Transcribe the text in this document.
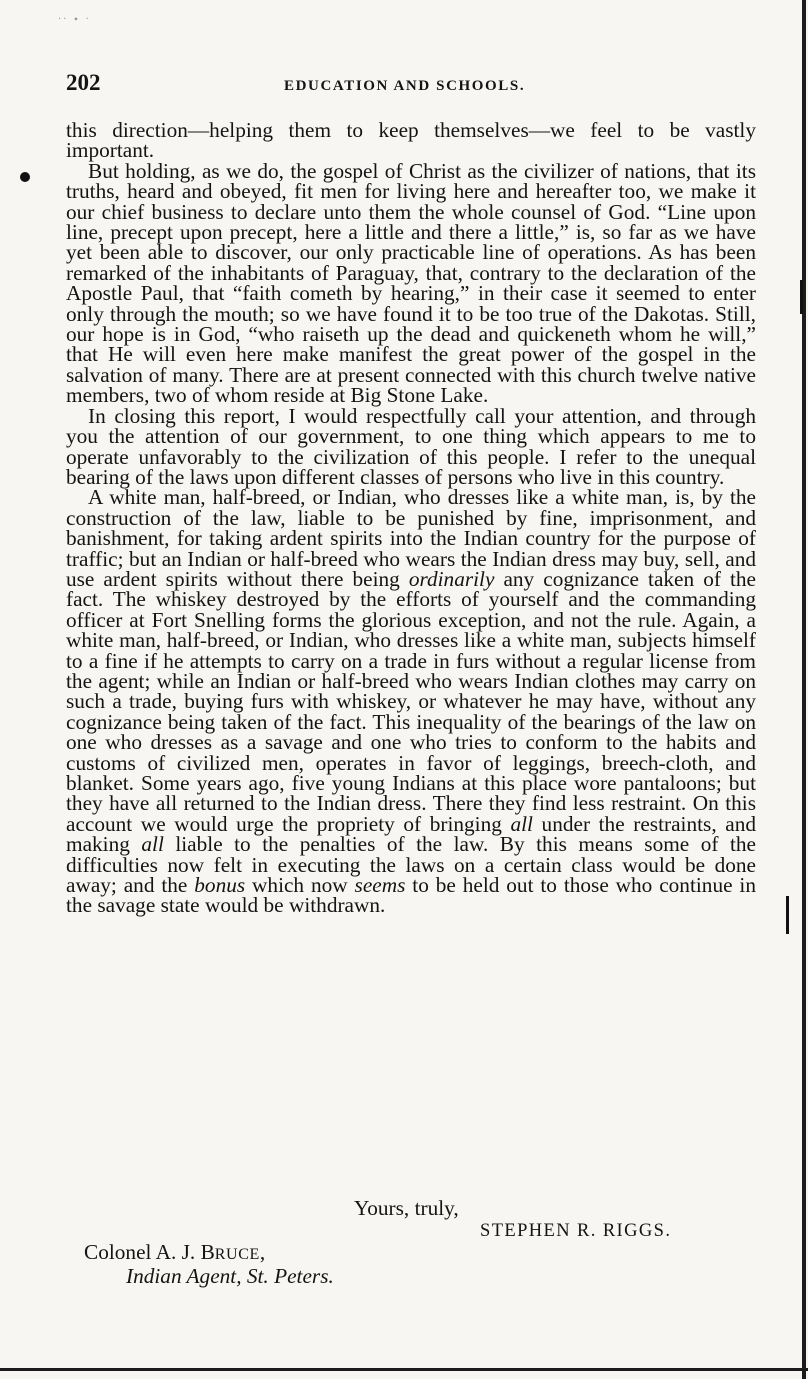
·· ∙ ·
202	EDUCATION AND SCHOOLS.

this direction—helping them to keep themselves—we feel to be vastly important.

But holding, as we do, the gospel of Christ as the civilizer of nations, that its truths, heard and obeyed, fit men for living here and hereafter too, we make it our chief business to declare unto them the whole counsel of God. “Line upon line, precept upon precept, here a little and there a little,” is, so far as we have yet been able to discover, our only practicable line of operations. As has been remarked of the inhabitants of Paraguay, that, contrary to the declaration of the Apostle Paul, that “faith cometh by hearing,” in their case it seemed to enter only through the mouth; so we have found it to be too true of the Dakotas. Still, our hope is in God, “who raiseth up the dead and quickeneth whom he will,” that He will even here make manifest the great power of the gospel in the salvation of many. There are at present connected with this church twelve native members, two of whom reside at Big Stone Lake.

In closing this report, I would respectfully call your attention, and through you the attention of our government, to one thing which appears to me to operate unfavorably to the civilization of this people. I refer to the unequal bearing of the laws upon different classes of persons who live in this country.

A white man, half-breed, or Indian, who dresses like a white man, is, by the construction of the law, liable to be punished by fine, imprisonment, and banishment, for taking ardent spirits into the Indian country for the purpose of traffic; but an Indian or half-breed who wears the Indian dress may buy, sell, and use ardent spirits without there being ordinarily any cognizance taken of the fact. The whiskey destroyed by the efforts of yourself and the commanding officer at Fort Snelling forms the glorious exception, and not the rule. Again, a white man, half-breed, or Indian, who dresses like a white man, subjects himself to a fine if he attempts to carry on a trade in furs without a regular license from the agent; while an Indian or half-breed who wears Indian clothes may carry on such a trade, buying furs with whiskey, or whatever he may have, without any cognizance being taken of the fact. This inequality of the bearings of the law on one who dresses as a savage and one who tries to conform to the habits and customs of civilized men, operates in favor of leggings, breech-cloth, and blanket. Some years ago, five young Indians at this place wore pantaloons; but they have all returned to the Indian dress. There they find less restraint. On this account we would urge the propriety of bringing all under the restraints, and making all liable to the penalties of the law. By this means some of the difficulties now felt in executing the laws on a certain class would be done away; and the bonus which now seems to be held out to those who continue in the savage state would be withdrawn.

Yours, truly,
STEPHEN R. RIGGS.
Colonel A. J. BRUCE,
Indian Agent, St. Peters.
